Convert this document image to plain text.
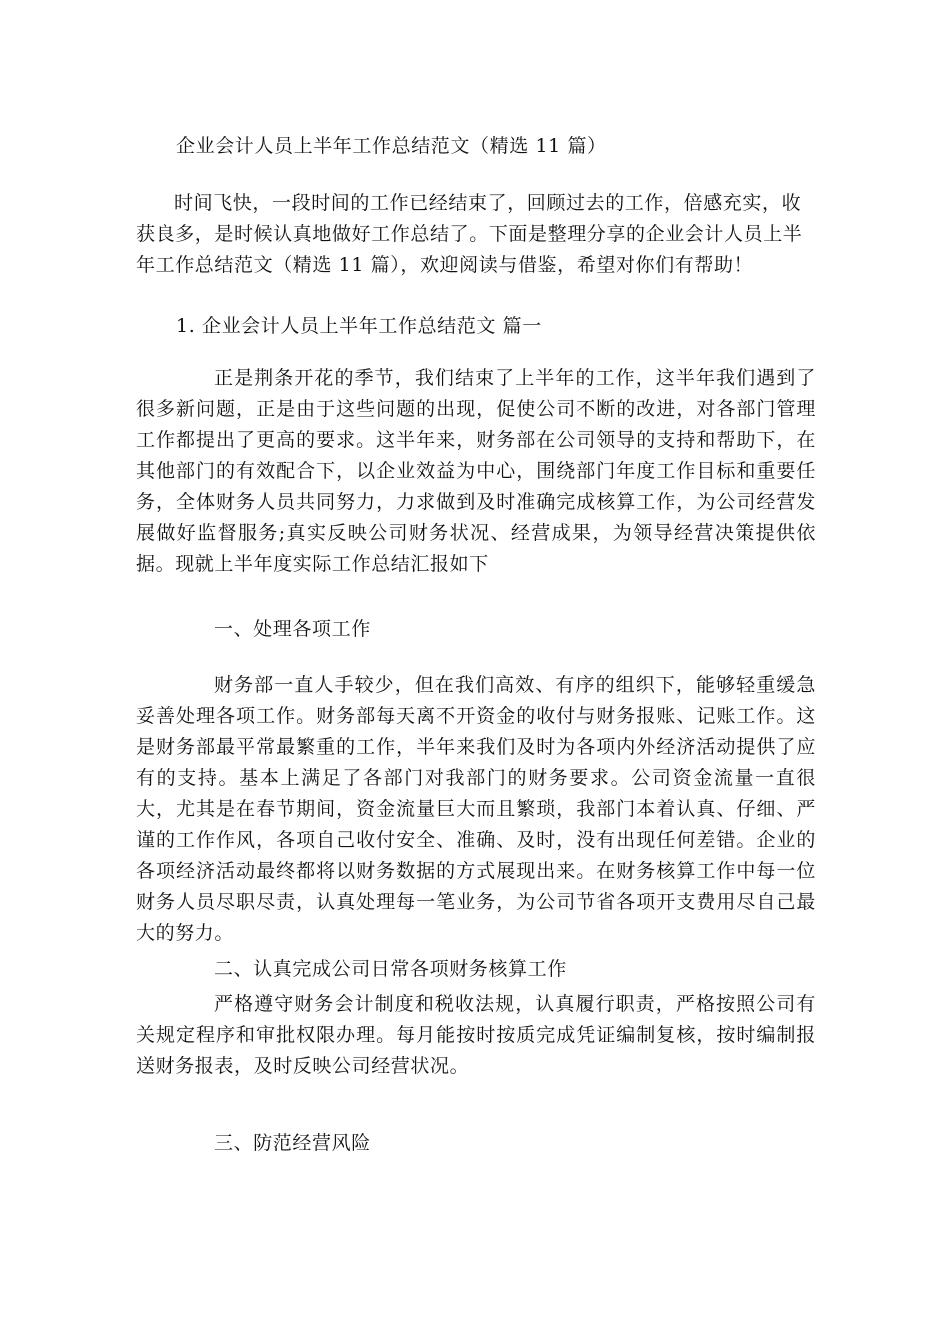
企业会计人员上半年工作总结范文（精选 11 篇）

时间飞快，一段时间的工作已经结束了，回顾过去的工作，倍感充实，收获良多，是时候认真地做好工作总结了。下面是整理分享的企业会计人员上半年工作总结范文（精选 11 篇），欢迎阅读与借鉴，希望对你们有帮助！

1. 企业会计人员上半年工作总结范文 篇一

正是荆条开花的季节，我们结束了上半年的工作，这半年我们遇到了很多新问题，正是由于这些问题的出现，促使公司不断的改进，对各部门管理工作都提出了更高的要求。这半年来，财务部在公司领导的支持和帮助下，在其他部门的有效配合下，以企业效益为中心，围绕部门年度工作目标和重要任务，全体财务人员共同努力，力求做到及时准确完成核算工作，为公司经营发展做好监督服务;真实反映公司财务状况、经营成果，为领导经营决策提供依据。现就上半年度实际工作总结汇报如下

一、处理各项工作

财务部一直人手较少，但在我们高效、有序的组织下，能够轻重缓急妥善处理各项工作。财务部每天离不开资金的收付与财务报账、记账工作。这是财务部最平常最繁重的工作，半年来我们及时为各项内外经济活动提供了应有的支持。基本上满足了各部门对我部门的财务要求。公司资金流量一直很大，尤其是在春节期间，资金流量巨大而且繁琐，我部门本着认真、仔细、严谨的工作作风，各项自己收付安全、准确、及时，没有出现任何差错。企业的各项经济活动最终都将以财务数据的方式展现出来。在财务核算工作中每一位财务人员尽职尽责，认真处理每一笔业务，为公司节省各项开支费用尽自己最大的努力。

二、认真完成公司日常各项财务核算工作

严格遵守财务会计制度和税收法规，认真履行职责，严格按照公司有关规定程序和审批权限办理。每月能按时按质完成凭证编制复核，按时编制报送财务报表，及时反映公司经营状况。

三、防范经营风险
